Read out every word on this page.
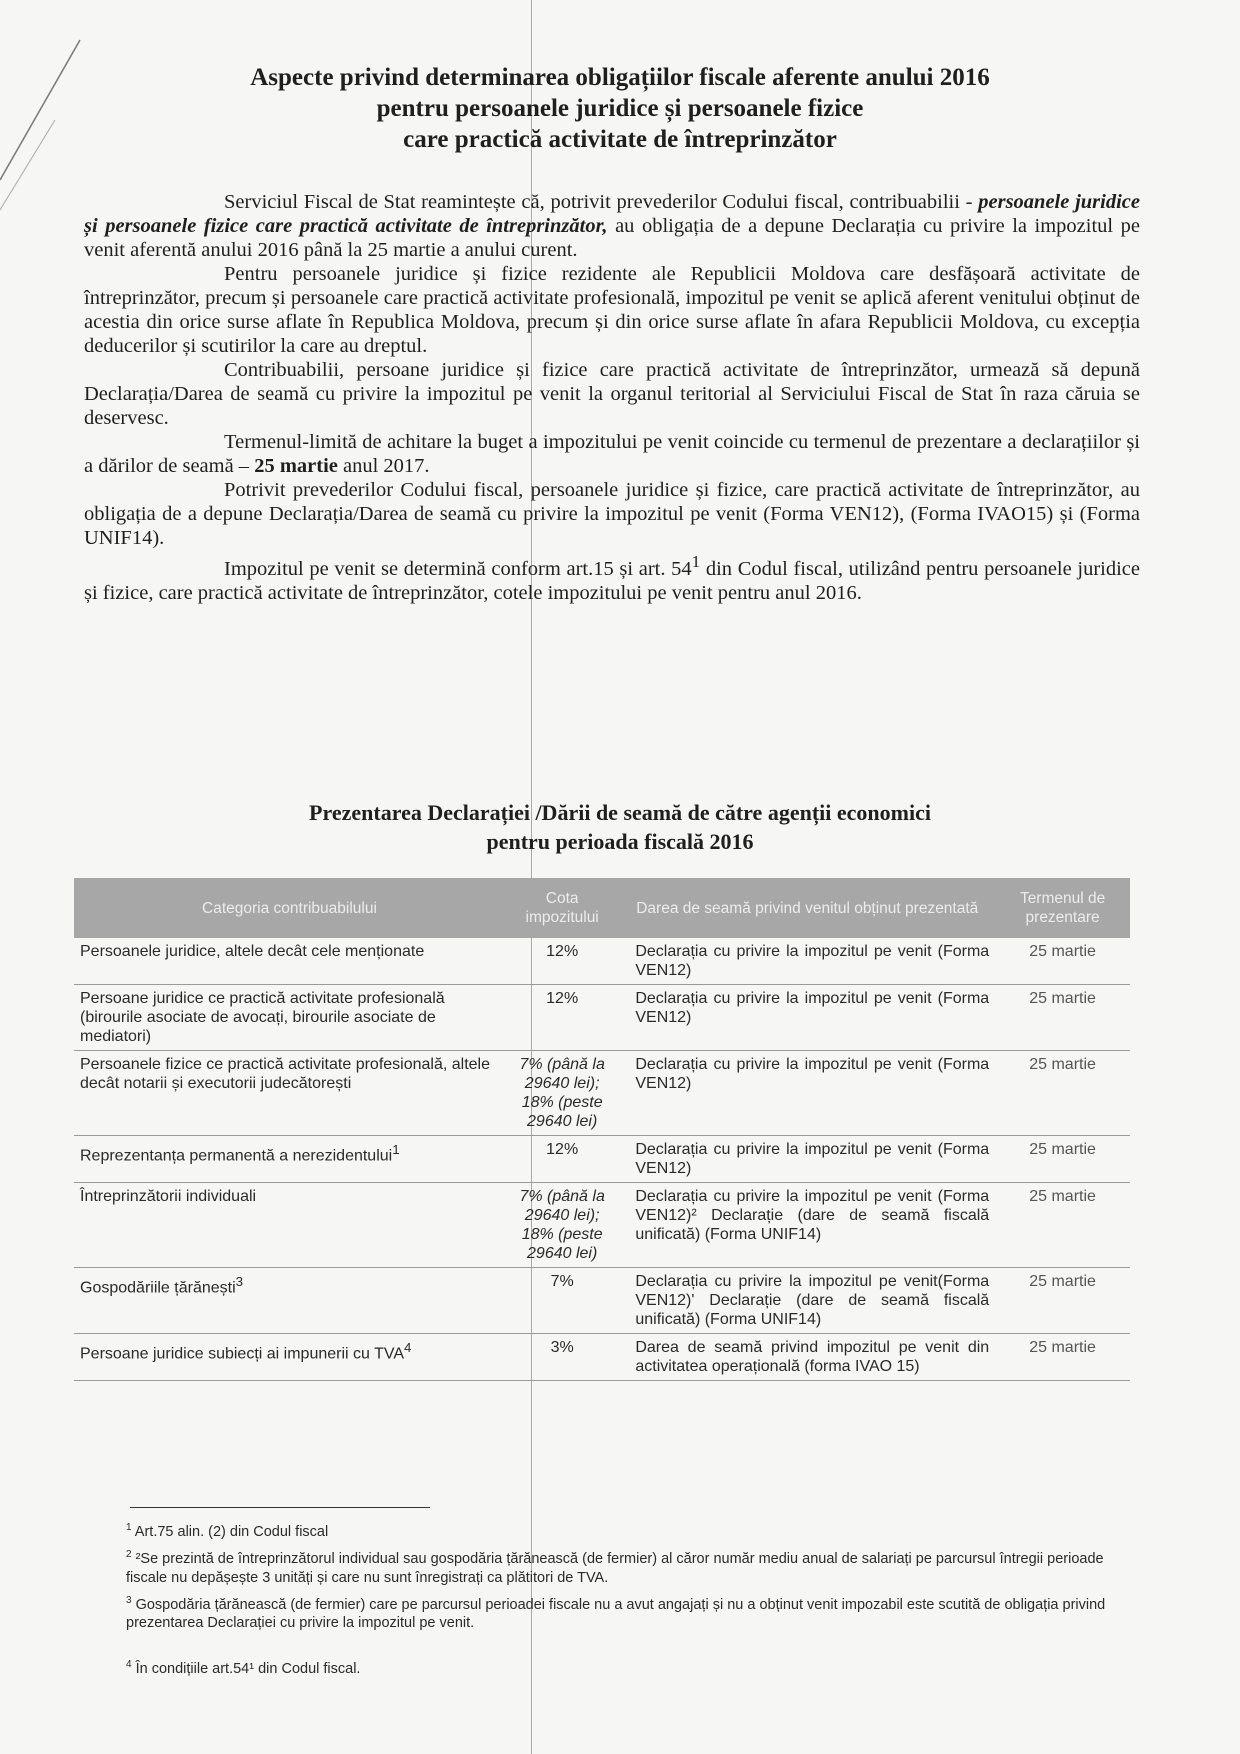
Aspecte privind determinarea obligațiilor fiscale aferente anului 2016
pentru persoanele juridice și persoanele fizice
care practică activitate de întreprinzător

Serviciul Fiscal de Stat reamintește că, potrivit prevederilor Codului fiscal, contribuabilii - persoanele juridice și persoanele fizice care practică activitate de întreprinzător, au obligația de a depune Declarația cu privire la impozitul pe venit aferentă anului 2016 până la 25 martie a anului curent.

Pentru persoanele juridice și fizice rezidente ale Republicii Moldova care desfășoară activitate de întreprinzător, precum și persoanele care practică activitate profesională, impozitul pe venit se aplică aferent venitului obținut de acestia din orice surse aflate în Republica Moldova, precum și din orice surse aflate în afara Republicii Moldova, cu excepția deducerilor și scutirilor la care au dreptul.

Contribuabilii, persoane juridice și fizice care practică activitate de întreprinzător, urmează să depună Declarația/Darea de seamă cu privire la impozitul pe venit la organul teritorial al Serviciului Fiscal de Stat în raza căruia se deservesc.

Termenul-limită de achitare la buget a impozitului pe venit coincide cu termenul de prezentare a declarațiilor și a dărilor de seamă – 25 martie anul 2017.

Potrivit prevederilor Codului fiscal, persoanele juridice și fizice, care practică activitate de întreprinzător, au obligația de a depune Declarația/Darea de seamă cu privire la impozitul pe venit (Forma VEN12), (Forma IVAO15) și (Forma UNIF14).

Impozitul pe venit se determină conform art.15 și art. $54^1$ din Codul fiscal, utilizând pentru persoanele juridice și fizice, care practică activitate de întreprinzător, cotele impozitului pe venit pentru anul 2016.

Prezentarea Declarației /Dării de seamă de către agenții economici
pentru perioada fiscală 2016
Categoria contribuabilului	Cota impozitului	Darea de seamă privind venitul obținut prezentată	Termenul de prezentare
Persoanele juridice, altele decât cele menționate	12%	Declarația cu privire la impozitul pe venit (Forma VEN12)	25 martie
Persoane juridice ce practică activitate profesională (birourile asociate de avocați, birourile asociate de mediatori)	12%	Declarația cu privire la impozitul pe venit (Forma VEN12)	25 martie
Persoanele fizice ce practică activitate profesională, altele decât notarii și executorii judecătorești	7% (până la 29640 lei); 18% (peste 29640 lei)	Declarația cu privire la impozitul pe venit (Forma VEN12)	25 martie
Reprezentanța permanentă a nerezidentului$^1$	12%	Declarația cu privire la impozitul pe venit (Forma VEN12)	25 martie
Întreprinzătorii individuali	7% (până la 29640 lei); 18% (peste 29640 lei)	Declarația cu privire la impozitul pe venit (Forma VEN12)² Declarație (dare de seamă fiscală unificată) (Forma UNIF14)	25 martie
Gospodăriile țărănești$^3$	7%	Declarația cu privire la impozitul pe venit(Forma VEN12)' Declarație (dare de seamă fiscală unificată) (Forma UNIF14)	25 martie
Persoane juridice subiecți ai impunerii cu TVA$^4$	3%	Darea de seamă privind impozitul pe venit din activitatea operațională (forma IVAO 15)	25 martie

$^1$ Art.75 alin. (2) din Codul fiscal

$^2$ ²Se prezintă de întreprinzătorul individual sau gospodăria țărănească (de fermier) al căror număr mediu anual de salariați pe parcursul întregii perioade fiscale nu depășește 3 unități și care nu sunt înregistrați ca plătitori de TVA.

$^3$ Gospodăria țărănească (de fermier) care pe parcursul perioadei fiscale nu a avut angajați și nu a obținut venit impozabil este scutită de obligația privind prezentarea Declarației cu privire la impozitul pe venit.

$^4$ În condițiile art.54¹ din Codul fiscal.
